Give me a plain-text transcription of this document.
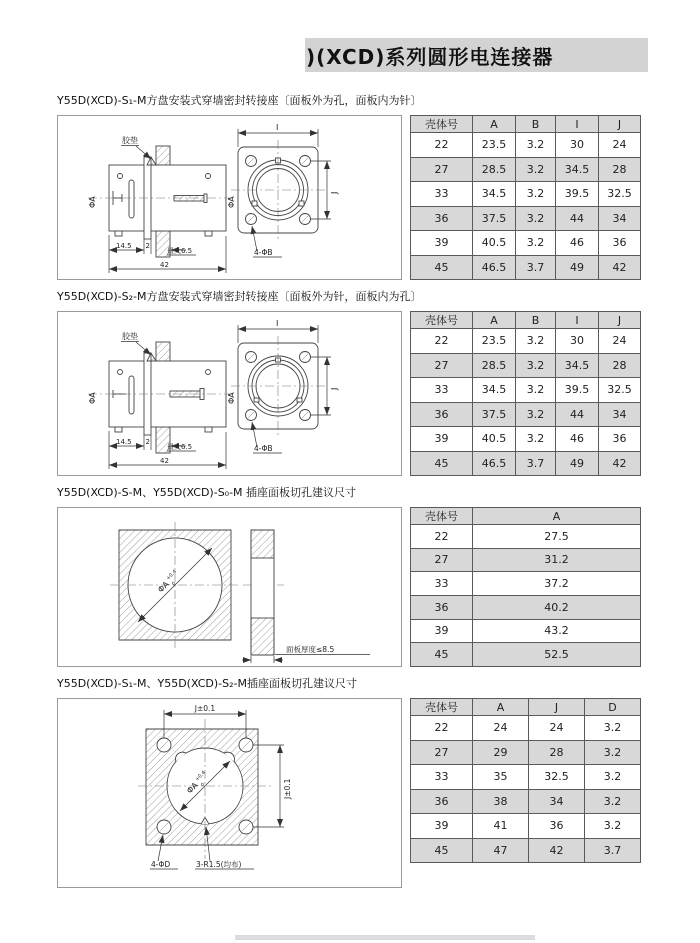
)(XCD)系列圆形电连接器
Y55D(XCD)-S₁-M方盘安装式穿墙密封转接座〔面板外为孔，面板内为针〕
ΦA	ΦA
胶垫
14.5 2
最大6.5
42
I
J
4-ΦB
壳体号	A	B	I	J
22	23.5	3.2	30	24
27	28.5	3.2	34.5	28
33	34.5	3.2	39.5	32.5
36	37.5	3.2	44	34
39	40.5	3.2	46	36
45	46.5	3.7	49	42
Y55D(XCD)-S₂-M方盘安装式穿墙密封转接座〔面板外为针，面板内为孔〕
ΦA	ΦA
胶垫
14.5 2
最大6.5
42
I
J
4-ΦB
壳体号	A	B	I	J
22	23.5	3.2	30	24
27	28.5	3.2	34.5	28
33	34.5	3.2	39.5	32.5
36	37.5	3.2	44	34
39	40.5	3.2	46	36
45	46.5	3.7	49	42
Y55D(XCD)-S-M、Y55D(XCD)-S₀-M 插座面板切孔建议尺寸
ΦA
+0.4
0
面板厚度≤8.5
壳体号	A
22	27.5
27	31.2
33	37.2
36	40.2
39	43.2
45	52.5
Y55D(XCD)-S₁-M、Y55D(XCD)-S₂-M插座面板切孔建议尺寸
J±0.1
J±0.1
ΦA
+0.4
0
4-ΦD	3-R1.5(均布)
壳体号	A	J	D
22	24	24	3.2
27	29	28	3.2
33	35	32.5	3.2
36	38	34	3.2
39	41	36	3.2
45	47	42	3.7
